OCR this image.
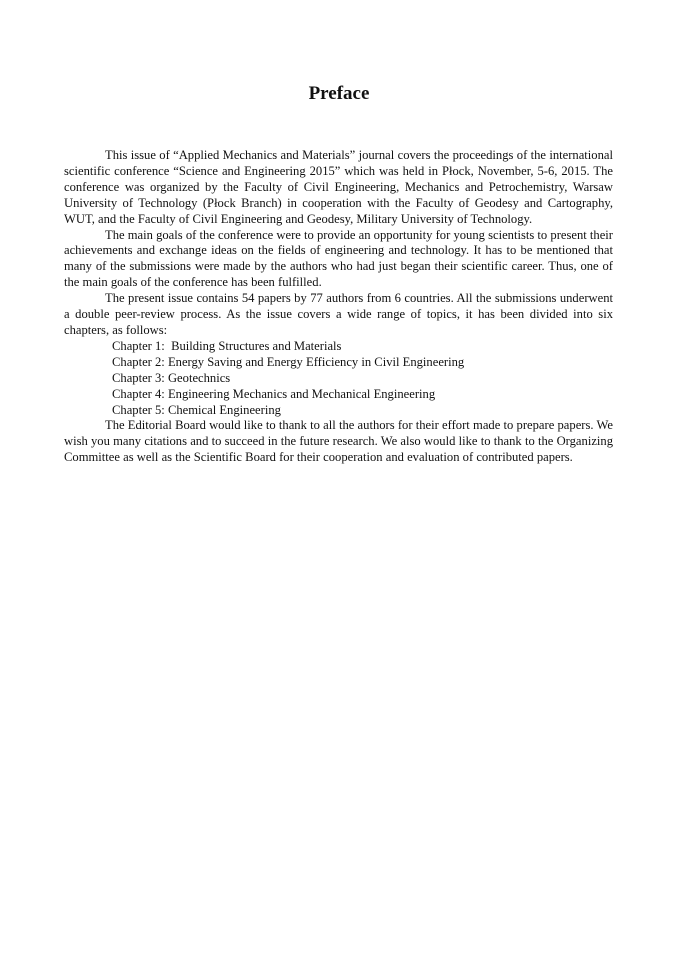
Preface

This issue of “Applied Mechanics and Materials” journal covers the proceedings of the international scientific conference “Science and Engineering 2015” which was held in Płock, November, 5-6, 2015. The conference was organized by the Faculty of Civil Engineering, Mechanics and Petrochemistry, Warsaw University of Technology (Płock Branch) in cooperation with the Faculty of Geodesy and Cartography, WUT, and the Faculty of Civil Engineering and Geodesy, Military University of Technology.

The main goals of the conference were to provide an opportunity for young scientists to present their achievements and exchange ideas on the fields of engineering and technology. It has to be mentioned that many of the submissions were made by the authors who had just began their scientific career. Thus, one of the main goals of the conference has been fulfilled.

The present issue contains 54 papers by 77 authors from 6 countries. All the submissions underwent a double peer-review process. As the issue covers a wide range of topics, it has been divided into six chapters, as follows:

Chapter 1:  Building Structures and Materials
Chapter 2: Energy Saving and Energy Efficiency in Civil Engineering
Chapter 3: Geotechnics
Chapter 4: Engineering Mechanics and Mechanical Engineering
Chapter 5: Chemical Engineering

The Editorial Board would like to thank to all the authors for their effort made to prepare papers. We wish you many citations and to succeed in the future research. We also would like to thank to the Organizing Committee as well as the Scientific Board for their cooperation and evaluation of contributed papers.
